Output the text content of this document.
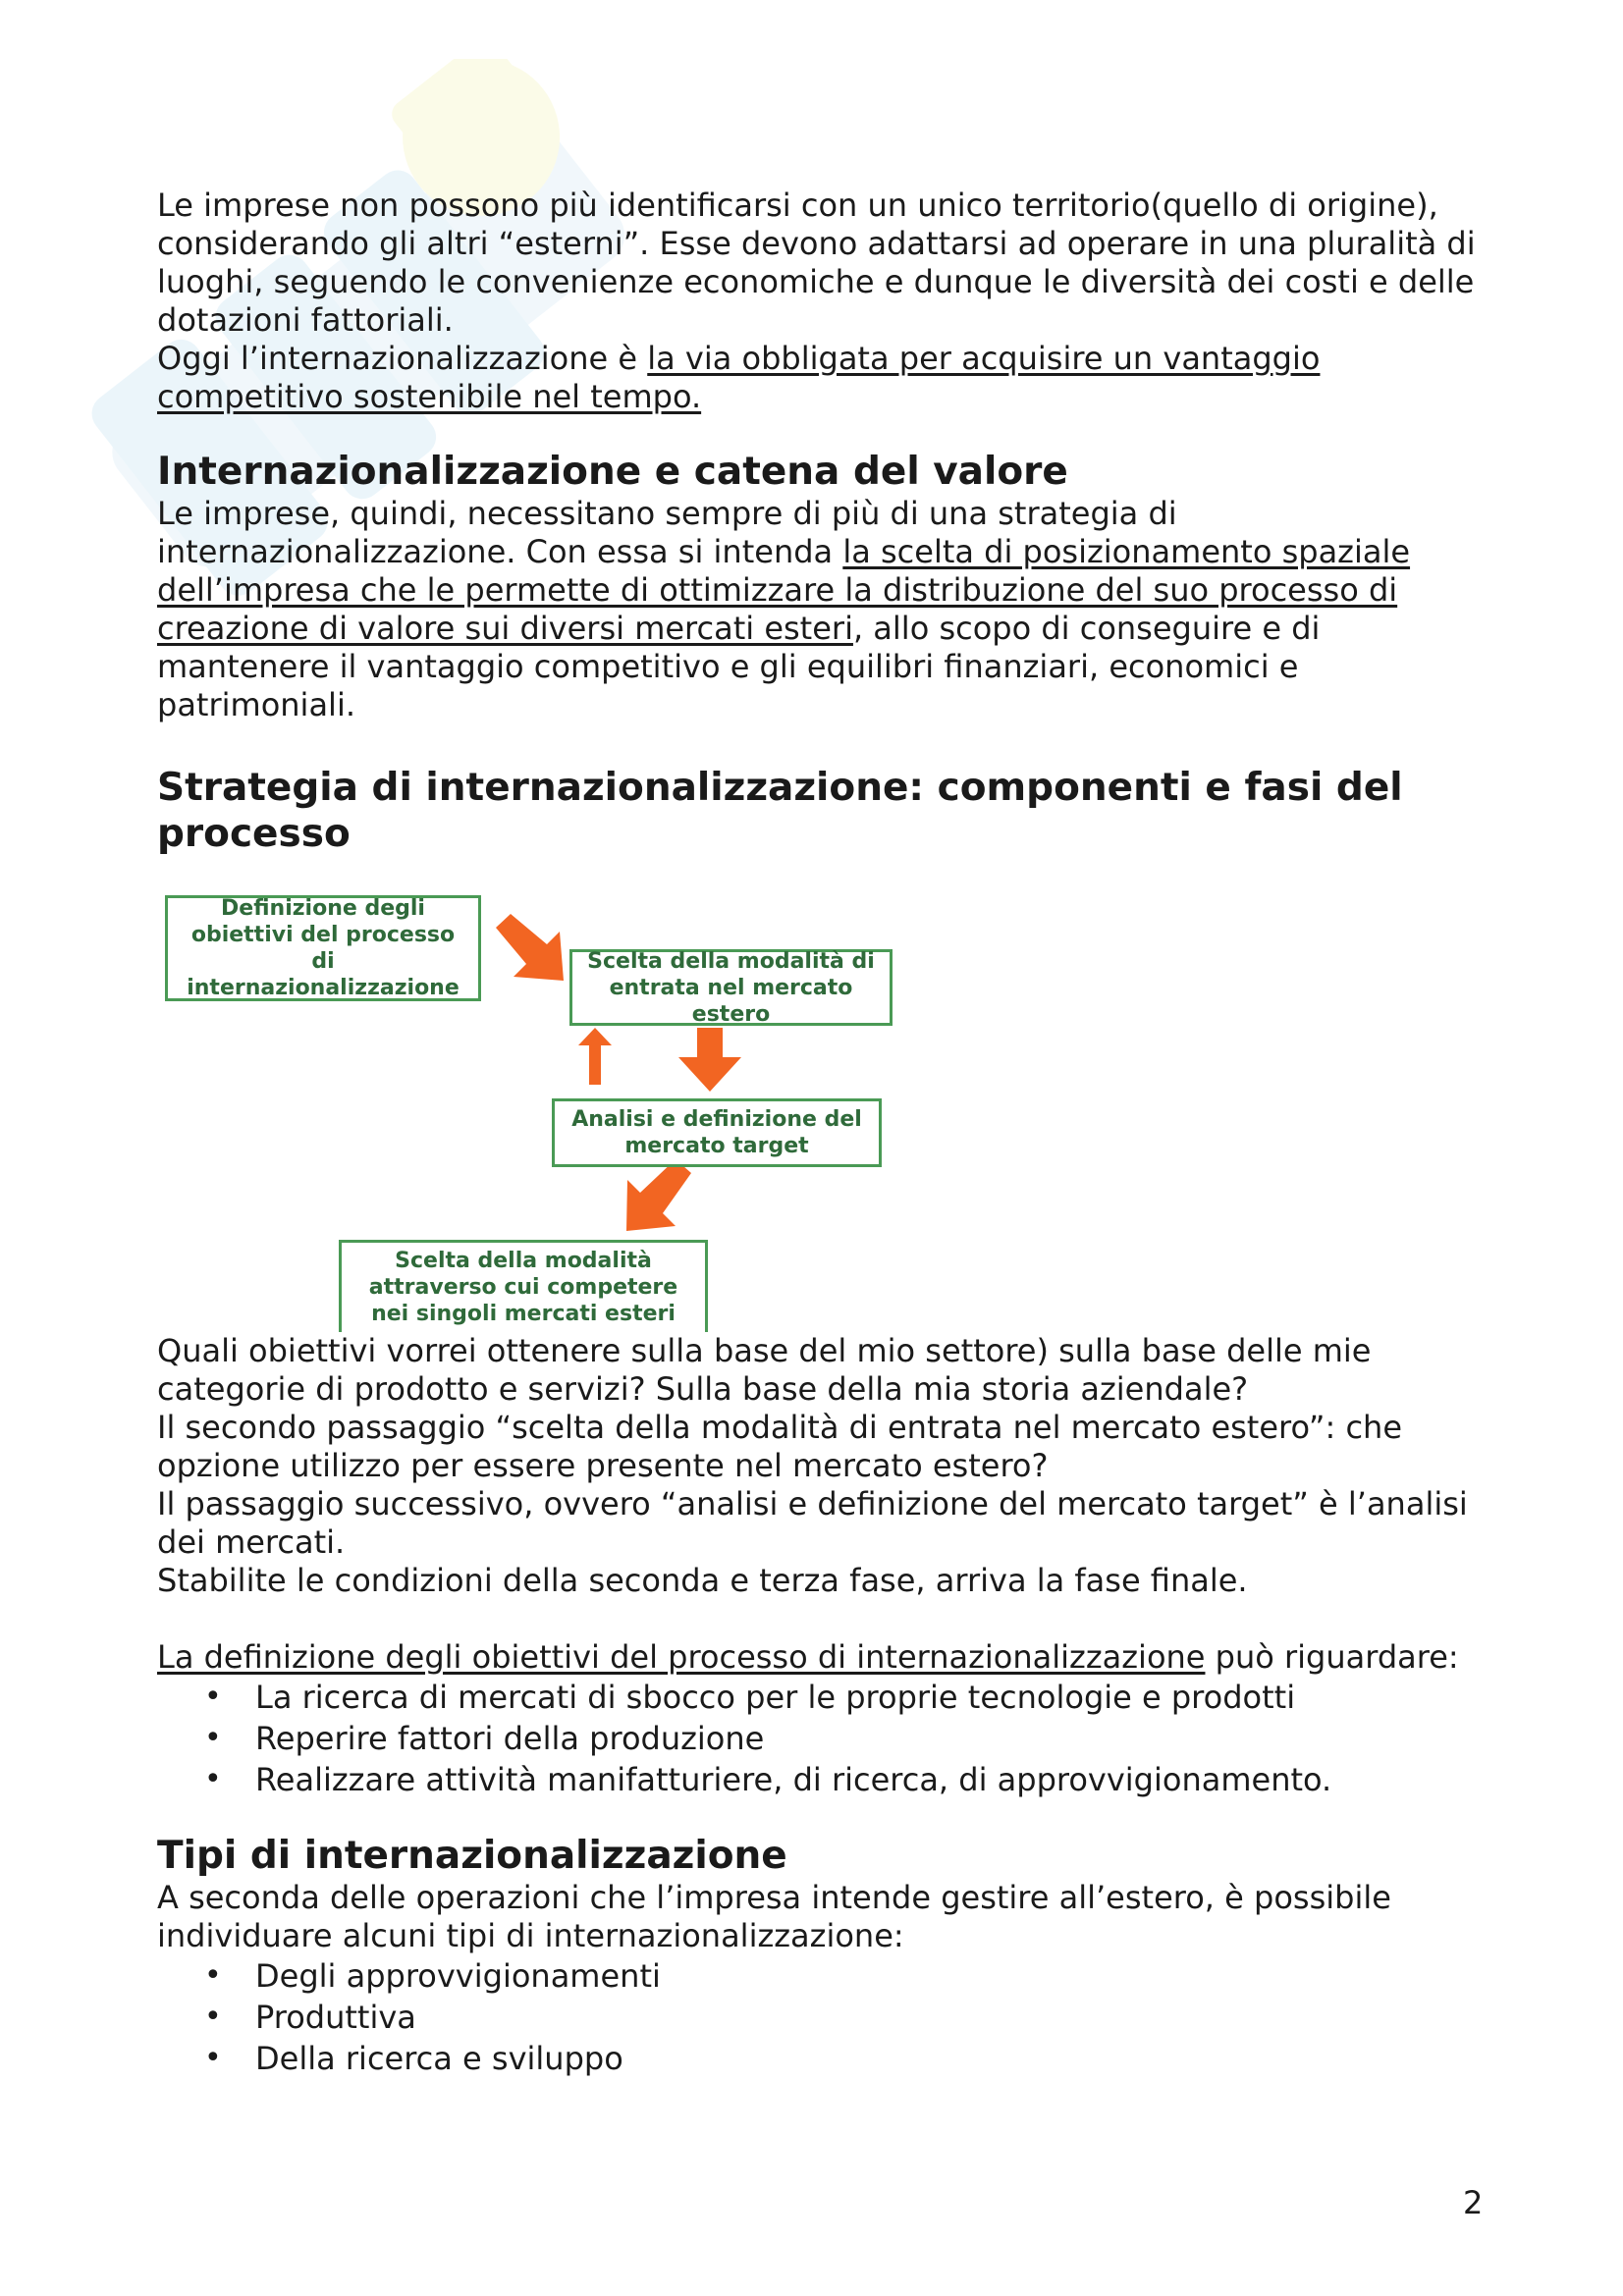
Le imprese non possono più identificarsi con un unico territorio(quello di origine), considerando gli altri “esterni”. Esse devono adattarsi ad operare in una pluralità di luoghi, seguendo le convenienze economiche e dunque le diversità dei costi e delle dotazioni fattoriali.

Oggi l’internazionalizzazione è la via obbligata per acquisire un vantaggio competitivo sostenibile nel tempo.

Internazionalizzazione e catena del valore

Le imprese, quindi, necessitano sempre di più di una strategia di internazionalizzazione. Con essa si intenda la scelta di posizionamento spaziale dell’impresa che le permette di ottimizzare la distribuzione del suo processo di creazione di valore sui diversi mercati esteri, allo scopo di conseguire e di mantenere il vantaggio competitivo e gli equilibri finanziari, economici e patrimoniali.

Strategia di internazionalizzazione: componenti e fasi del processo
Definizione degli obiettivi del processo di internazionalizzazione
Scelta della modalità di entrata nel mercato estero
Analisi e definizione del mercato target
Scelta della modalità attraverso cui competere nei singoli mercati esteri

Quali obiettivi vorrei ottenere sulla base del mio settore) sulla base delle mie categorie di prodotto e servizi? Sulla base della mia storia aziendale?

Il secondo passaggio “scelta della modalità di entrata nel mercato estero”: che opzione utilizzo per essere presente nel mercato estero?

Il passaggio successivo, ovvero “analisi e definizione del mercato target” è l’analisi dei mercati.

Stabilite le condizioni della seconda e terza fase, arriva la fase finale.

La definizione degli obiettivi del processo di internazionalizzazione può riguardare:

• La ricerca di mercati di sbocco per le proprie tecnologie e prodotti
• Reperire fattori della produzione
• Realizzare attività manifatturiere, di ricerca, di approvvigionamento.
Tipi di internazionalizzazione

A seconda delle operazioni che l’impresa intende gestire all’estero, è possibile individuare alcuni tipi di internazionalizzazione:

• Degli approvvigionamenti
• Produttiva
• Della ricerca e sviluppo
2
